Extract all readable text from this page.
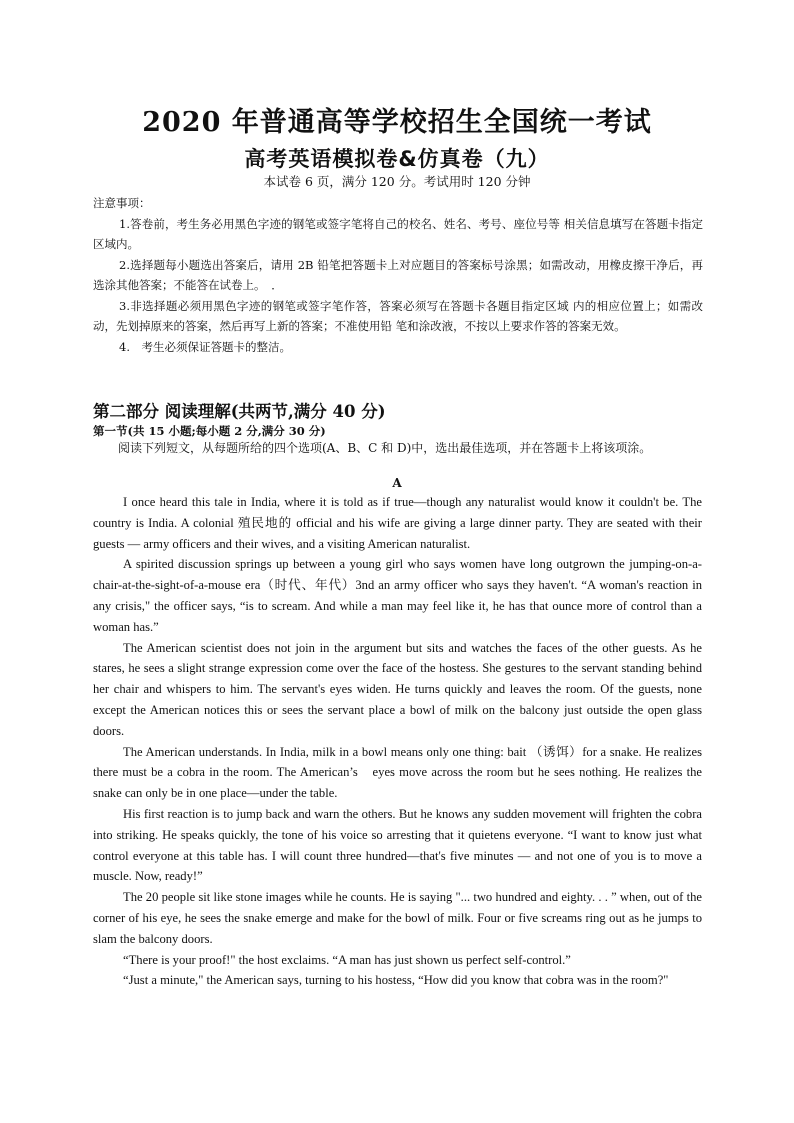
2020 年普通高等学校招生全国统一考试
高考英语模拟卷&仿真卷（九）
本试卷 6 页，满分 120 分。考试用时 120 分钟

注意事项：

1.答卷前，考生务必用黑色字迹的钢笔或签字笔将自己的校名、姓名、考号、座位号等 相关信息填写在答题卡指定区域内。

2.选择题每小题选出答案后，请用 2B 铅笔把答题卡上对应题目的答案标号涂黑；如需改动，用橡皮擦干净后，再选涂其他答案；不能答在试卷上。　．

3.非选择题必须用黑色字迹的钢笔或签字笔作答，答案必须写在答题卡各题目指定区域 内的相应位置上；如需改动，先划掉原来的答案，然后再写上新的答案；不准使用铅 笔和涂改液，不按以上要求作答的答案无效。

4.　考生必须保证答题卡的整洁。

第二部分 阅读理解(共两节,满分 40 分)
第一节(共 15 小题;每小题 2 分,满分 30 分)

阅读下列短文，从每题所给的四个选项(A、B、C 和 D)中，选出最佳选项，并在答题卡上将该项涂。

A

I once heard this tale in India, where it is told as if true—though any naturalist would know it couldn't be. The country is India. A colonial 殖民地的 official and his wife are giving a large dinner party. They are seated with their guests — army officers and their wives, and a visiting American naturalist.

A spirited discussion springs up between a young girl who says women have long outgrown the jumping-on-a-chair-at-the-sight-of-a-mouse era（时代、年代）3nd an army officer who says they haven't. “A woman's reaction in any crisis," the officer says, “is to scream. And while a man may feel like it, he has that ounce more of control than a woman has.”

The American scientist does not join in the argument but sits and watches the faces of the other guests. As he stares, he sees a slight strange expression come over the face of the hostess. She gestures to the servant standing behind her chair and whispers to him. The servant's eyes widen. He turns quickly and leaves the room. Of the guests, none except the American notices this or sees the servant place a bowl of milk on the balcony just outside the open glass doors.

The American understands. In India, milk in a bowl means only one thing: bait （诱饵）for a snake. He realizes there must be a cobra in the room. The American’s　eyes move across the room but he sees nothing. He realizes the snake can only be in one place—under the table.

His first reaction is to jump back and warn the others. But he knows any sudden movement will frighten the cobra into striking. He speaks quickly, the tone of his voice so arresting that it quietens everyone. “I want to know just what control everyone at this table has. I will count three hundred—that's five minutes — and not one of you is to move a muscle. Now, ready!”

The 20 people sit like stone images while he counts. He is saying "... two hundred and eighty. . . ” when, out of the corner of his eye, he sees the snake emerge and make for the bowl of milk. Four or five screams ring out as he jumps to slam the balcony doors.

“There is your proof!" the host exclaims. “A man has just shown us perfect self-control.”

“Just a minute," the American says, turning to his hostess, “How did you know that cobra was in the room?"
